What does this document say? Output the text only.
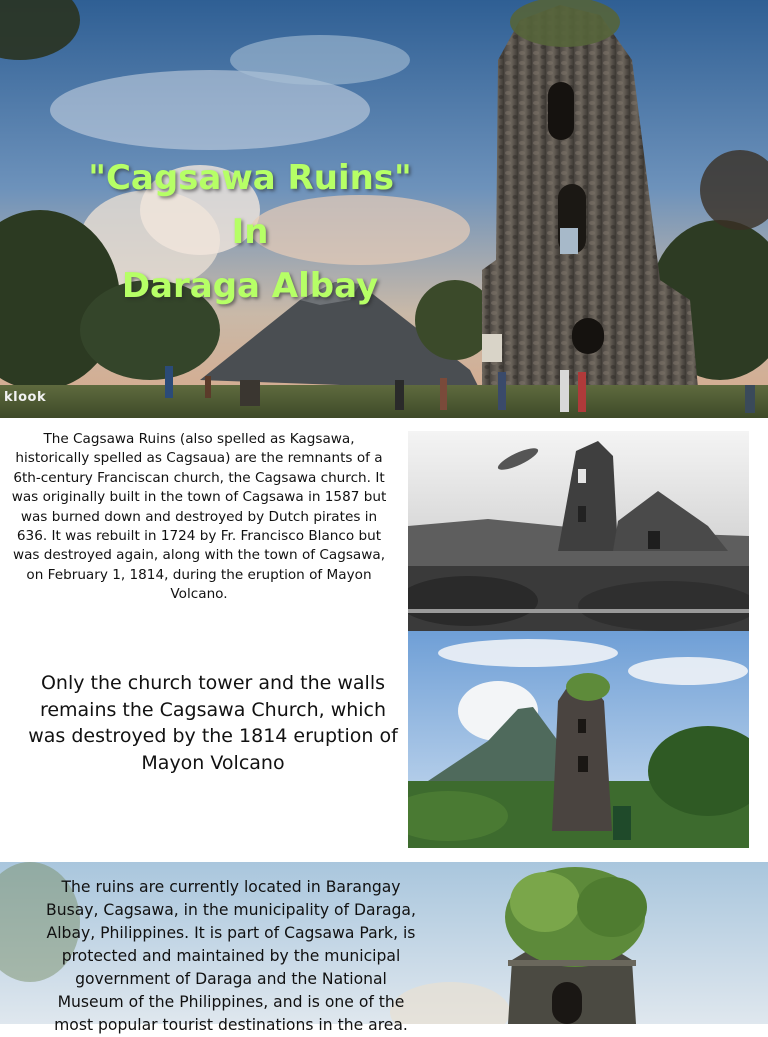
"Cagsawa Ruins"
In
Daraga Albay
klook
The Cagsawa Ruins (also spelled as Kagsawa,
historically spelled as Cagsaua) are the remnants of a
6th-century Franciscan church, the Cagsawa church. It
was originally built in the town of Cagsawa in 1587 but
was burned down and destroyed by Dutch pirates in
636. It was rebuilt in 1724 by Fr. Francisco Blanco but
was destroyed again, along with the town of Cagsawa,
on February 1, 1814, during the eruption of Mayon
Volcano.
Only the church tower and the walls remains the Cagsawa Church, which was destroyed by the 1814 eruption of Mayon Volcano
The ruins are currently located in Barangay
Busay, Cagsawa, in the municipality of Daraga,
Albay, Philippines. It is part of Cagsawa Park, is
protected and maintained by the municipal
government of Daraga and the National
Museum of the Philippines, and is one of the
most popular tourist destinations in the area.
